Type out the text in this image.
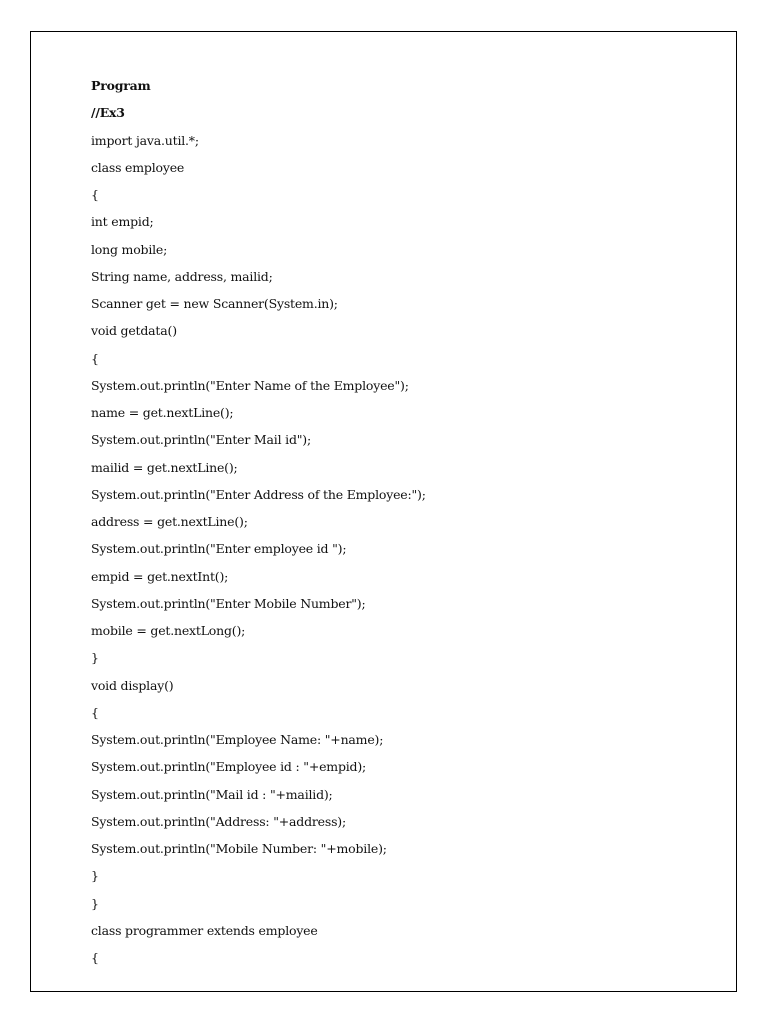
Program
//Ex3
import java.util.*;
class employee
{
int empid;
long mobile;
String name, address, mailid;
Scanner get = new Scanner(System.in);
void getdata()
{
System.out.println("Enter Name of the Employee");
name = get.nextLine();
System.out.println("Enter Mail id");
mailid = get.nextLine();
System.out.println("Enter Address of the Employee:");
address = get.nextLine();
System.out.println("Enter employee id ");
empid = get.nextInt();
System.out.println("Enter Mobile Number");
mobile = get.nextLong();
}
void display()
{
System.out.println("Employee Name: "+name);
System.out.println("Employee id : "+empid);
System.out.println("Mail id : "+mailid);
System.out.println("Address: "+address);
System.out.println("Mobile Number: "+mobile);
}
}
class programmer extends employee
{
